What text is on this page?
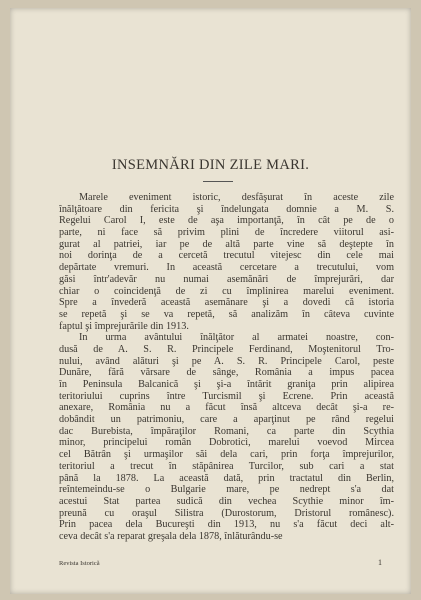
INSEMNĂRI DIN ZILE MARI.
Marele eveniment istoric, desfăşurat în aceste zile
înălţătoare din fericita şi îndelungata domnie a M. S.
Regelui Carol I, este de aşa importanţă, în cât pe de o
parte, ni face să privim plini de încredere viitorul asi-
gurat al patriei, iar pe de altă parte vine să deştepte în
noi dorinţa de a cercetă trecutul vitejesc din cele mai
depărtate vremuri. In această cercetare a trecutului, vom
găsi într'adevăr nu numai asemănări de împrejurări, dar
chiar o coincidenţă de zi cu împlinirea marelui eveniment.
Spre a învederă această asemănare şi a dovedi că istoria
se repetă şi se va repetă, să analizăm în câteva cuvinte
faptul şi împrejurările din 1913.
In urma avântului înălţător al armatei noastre, con-
dusă de A. S. R. Principele Ferdinand, Moştenitorul Tro-
nului, având alături şi pe A. S. R. Principele Carol, peste
Dunăre, fără vărsare de sânge, România a impus pacea
în Peninsula Balcanică şi şi-a întărit graniţa prin alipirea
teritoriului cuprins între Turcismil şi Ecrene. Prin această
anexare, România nu a făcut însă altceva decât şi-a re-
dobândit un patrimoniu, care a aparţinut pe rând regelui
dac Burebista, împăraţilor Romani, ca parte din Scythia
minor, principelui român Dobroticì, marelui voevod Mircea
cel Bătrân şi urmaşilor săi dela cari, prin forţa împrejurilor,
teritoriul a trecut în stăpânirea Turcilor, sub cari a stat
până la 1878. La această dată, prin tractatul din Berlin,
reîntemeindu-se o Bulgarie mare, pe nedrept s'a dat
acestui Stat partea sudică din vechea Scythie minor îm-
preună cu oraşul Silistra (Durostorum, Dristorul românesc).
Prin pacea dela Bucureşti din 1913, nu s'a făcut deci alt-
ceva decât s'a reparat greşala dela 1878, înlăturându-se
Revista Istorică	1
